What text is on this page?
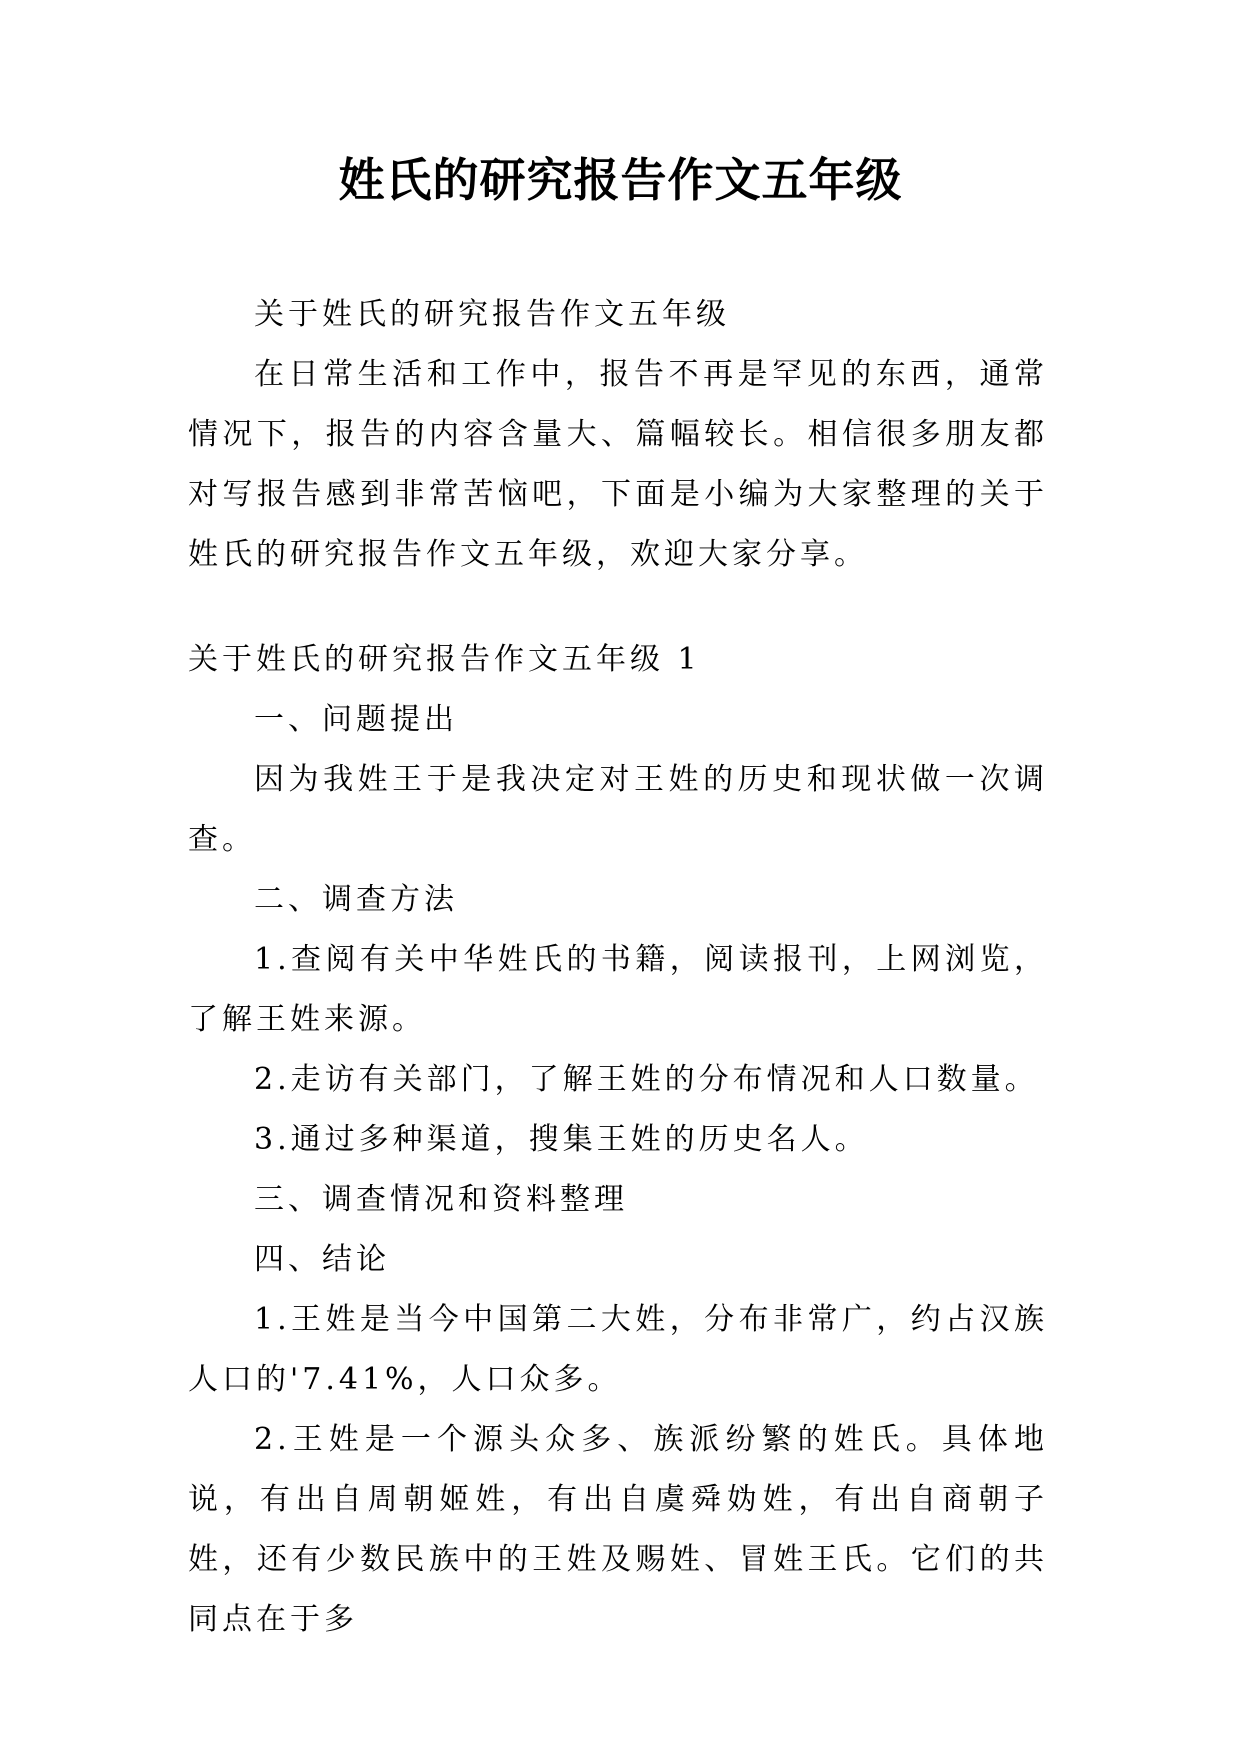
姓氏的研究报告作文五年级

关于姓氏的研究报告作文五年级

在日常生活和工作中，报告不再是罕见的东西，通常情况下，报告的内容含量大、篇幅较长。相信很多朋友都对写报告感到非常苦恼吧，下面是小编为大家整理的关于姓氏的研究报告作文五年级，欢迎大家分享。

关于姓氏的研究报告作文五年级 1

一、问题提出

因为我姓王于是我决定对王姓的历史和现状做一次调查。

二、调查方法

1.查阅有关中华姓氏的书籍，阅读报刊，上网浏览，了解王姓来源。

2.走访有关部门，了解王姓的分布情况和人口数量。

3.通过多种渠道，搜集王姓的历史名人。

三、调查情况和资料整理

四、结论

1.王姓是当今中国第二大姓，分布非常广，约占汉族人口的'7.41%，人口众多。

2.王姓是一个源头众多、族派纷繁的姓氏。具体地说，有出自周朝姬姓，有出自虞舜妫姓，有出自商朝子姓，还有少数民族中的王姓及赐姓、冒姓王氏。它们的共同点在于多
